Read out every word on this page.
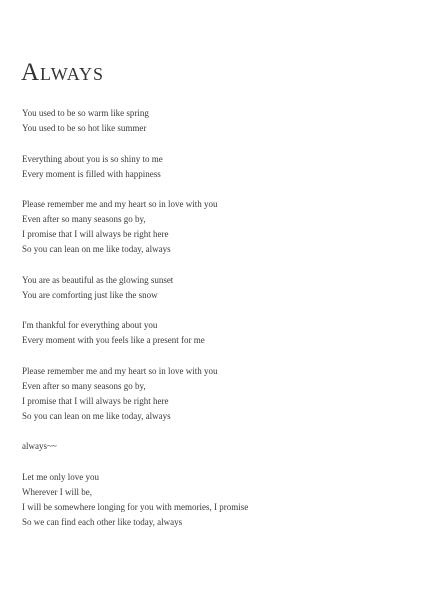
Always
You used to be so warm like spring
You used to be so hot like summer
Everything about you is so shiny to me
Every moment is filled with happiness
Please remember me and my heart so in love with you
Even after so many seasons go by,
I promise that I will always be right here
So you can lean on me like today, always
You are as beautiful as the glowing sunset
You are comforting just like the snow
I'm thankful for everything about you
Every moment with you feels like a present for me
Please remember me and my heart so in love with you
Even after so many seasons go by,
I promise that I will always be right here
So you can lean on me like today, always
always~~
Let me only love you
Wherever I will be,
I will be somewhere longing for you with memories, I promise
So we can find each other like today, always
